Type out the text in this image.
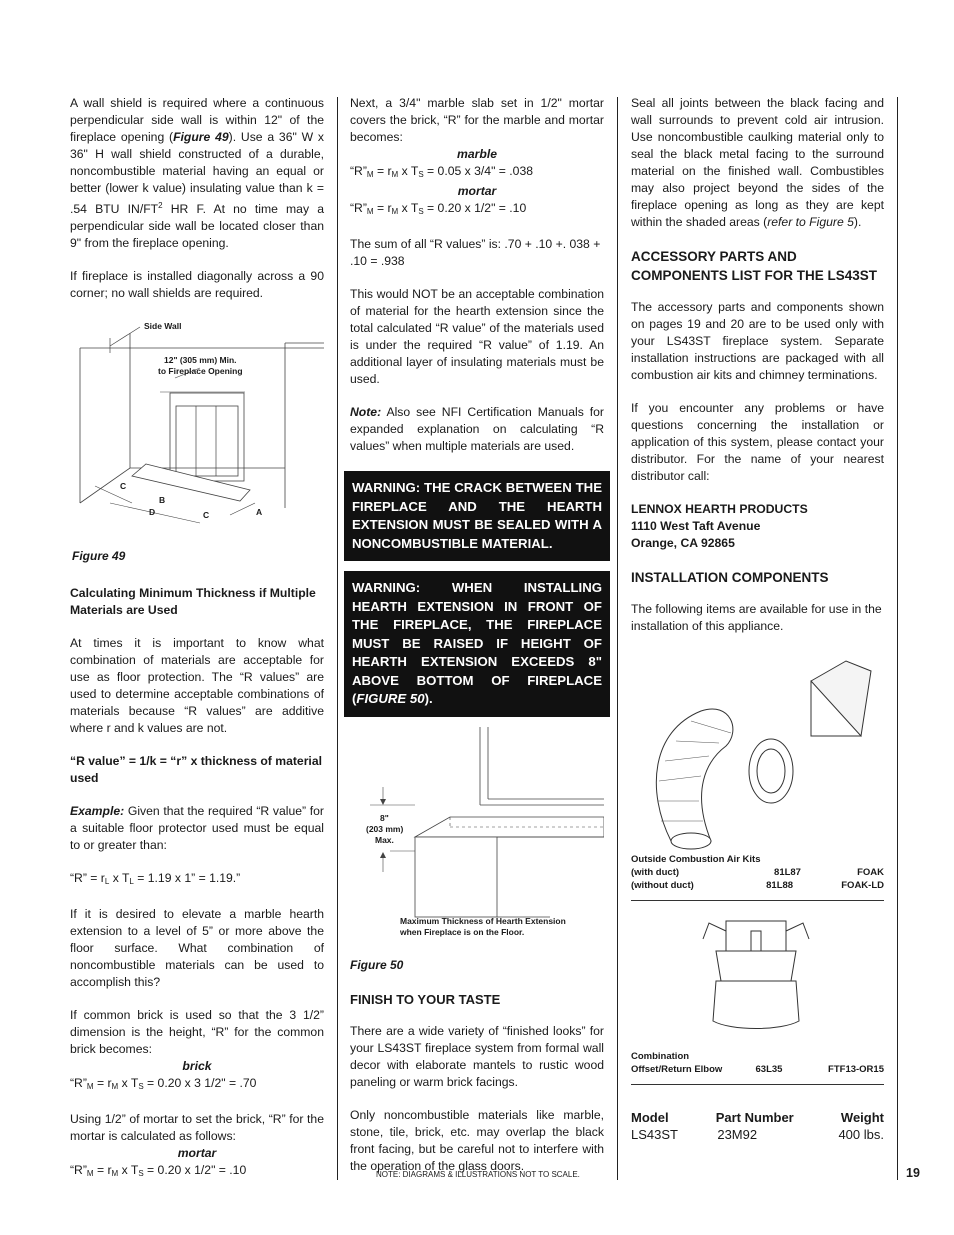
A wall shield is required where a continuous perpendicular side wall is within 12" of the fireplace opening (Figure 49). Use a 36" W x 36" H wall shield constructed of a durable, noncombustible material having an equal or better (lower k value) insulating value than k = .54 BTU $IN/FT^2$ HR F. At no time may a perpendicular side wall be located closer than 9" from the fireplace opening.

If fireplace is installed diagonally across a 90 corner; no wall shields are required.

Side Wall
12" (305 mm) Min.
to Fireplace Opening
C
B
D	C	A

Figure 49

Calculating Minimum Thickness if Multiple Materials are Used

At times it is important to know what combination of materials are acceptable for use as floor protection. The “R values” are used to determine acceptable combinations of materials because “R values” are additive where r and k values are not.

“R value” = 1/k = “r” x thickness of material used

Example: Given that the required “R value” for a suitable floor protector used must be equal to or greater than:

“R” = $r_L$ x $T_L = 1.19$ x 1” = 1.19.”

If it is desired to elevate a marble hearth extension to a level of 5” or more above the floor surface. What combination of noncombustible materials can be used to accomplish this?

If common brick is used so that the 3 1/2” dimension is the height, “R” for the common brick becomes:

brick

“$R”_M = r_M$ x $T_S = 0.20$ x 3 1/2" = .70

Using 1/2” of mortar to set the brick, “R” for the mortar is calculated as follows:

mortar

“$R”_M = r_M$ x $T_S = 0.20$ x 1/2" = .10

Next, a 3/4" marble slab set in 1/2" mortar covers the brick, “R” for the marble and mortar becomes:

marble

“$R”_M = r_M$ x $T_S = 0.05$ x 3/4" = .038

mortar

“$R”_M = r_M$ x $T_S = 0.20$ x 1/2" = .10

The sum of all “R values” is: .70 + .10 +. 038 + .10 = .938

This would NOT be an acceptable combination of material for the hearth extension since the total calculated “R value” of the materials used is under the required “R value” of 1.19. An additional layer of insulating materials must be used.

Note: Also see NFI Certification Manuals for expanded explanation on calculating “R values” when multiple materials are used.

WARNING: THE CRACK BETWEEN THE FIREPLACE AND THE HEARTH EXTENSION MUST BE SEALED WITH A NONCOMBUSTIBLE MATERIAL.
WARNING: WHEN INSTALLING HEARTH EXTENSION IN FRONT OF THE FIREPLACE, THE FIREPLACE MUST BE RAISED IF HEIGHT OF HEARTH EXTENSION EXCEEDS 8" ABOVE BOTTOM OF FIREPLACE (FIGURE 50).
8"
(203 mm)
Max.
Maximum Thickness of Hearth Extension
when Fireplace is on the Floor.

Figure 50

FINISH TO YOUR TASTE

There are a wide variety of “finished looks” for your LS43ST fireplace system from formal wall decor with elaborate mantels to rustic wood paneling or warm brick facings.

Only noncombustible materials like marble, stone, tile, brick, etc. may overlap the black front facing, but be careful not to interfere with the operation of the glass doors.

Seal all joints between the black facing and wall surrounds to prevent cold air intrusion. Use noncombustible caulking material only to seal the black metal facing to the surround material on the finished wall. Combustibles may also project beyond the sides of the fireplace opening as long as they are kept within the shaded areas (refer to Figure 5).

ACCESSORY PARTS AND COMPONENTS LIST FOR THE LS43ST

The accessory parts and components shown on pages 19 and 20 are to be used only with your LS43ST fireplace system. Separate installation instructions are packaged with all combustion air kits and chimney terminations.

If you encounter any problems or have questions concerning the installation or application of this system, please contact your distributor. For the name of your nearest distributor call:

LENNOX HEARTH PRODUCTS
1110 West Taft Avenue
Orange, CA 92865

INSTALLATION COMPONENTS

The following items are available for use in the installation of this appliance.

Outside Combustion Air Kits
(with duct)	81L87	FOAK
(without duct)	81L88	FOAK-LD
Combination
Offset/Return Elbow	63L35	FTF13-OR15
Model	Part Number	Weight
LS43ST	23M92	400 lbs.
NOTE: DIAGRAMS & ILLUSTRATIONS NOT TO SCALE.	19
